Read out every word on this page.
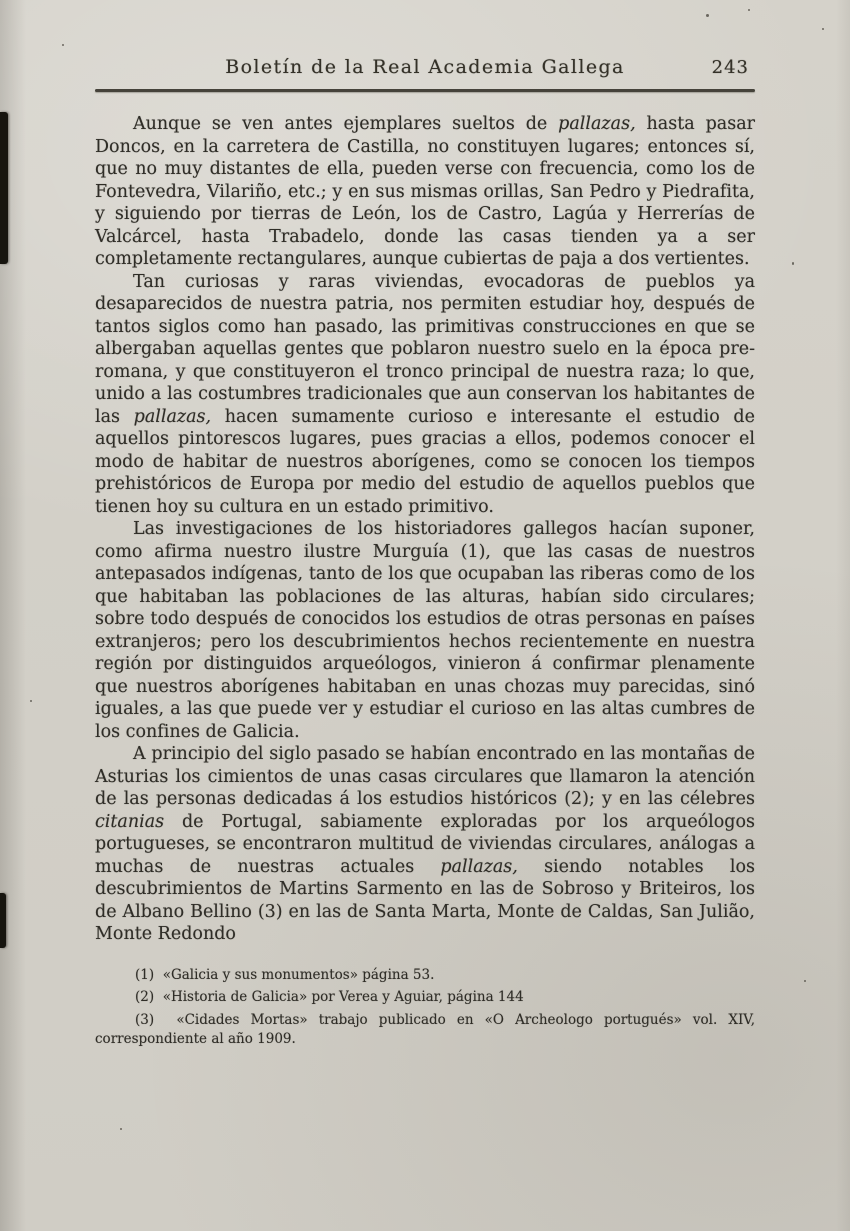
Boletín de la Real Academia Gallega	243

Aunque se ven antes ejemplares sueltos de pallazas, hasta pasar Doncos, en la carretera de Castilla, no constituyen lugares; entonces sí, que no muy distantes de ella, pueden verse con frecuencia, como los de Fontevedra, Vilariño, etc.; y en sus mismas orillas, San Pedro y Piedrafita, y siguiendo por tierras de León, los de Castro, Lagúa y Herrerías de Valcárcel, hasta Trabadelo, donde las casas tienden ya a ser completamente rectangulares, aunque cubiertas de paja a dos vertientes.

Tan curiosas y raras viviendas, evocadoras de pueblos ya desaparecidos de nuestra patria, nos permiten estudiar hoy, después de tantos siglos como han pasado, las primitivas construcciones en que se albergaban aquellas gentes que poblaron nuestro suelo en la época pre-romana, y que constituyeron el tronco principal de nuestra raza; lo que, unido a las costumbres tradicionales que aun conservan los habitantes de las pallazas, hacen sumamente curioso e interesante el estudio de aquellos pintorescos lugares, pues gracias a ellos, podemos conocer el modo de habitar de nuestros aborígenes, como se conocen los tiempos prehistóricos de Europa por medio del estudio de aquellos pueblos que tienen hoy su cultura en un estado primitivo.

Las investigaciones de los historiadores gallegos hacían suponer, como afirma nuestro ilustre Murguía (1), que las casas de nuestros antepasados indígenas, tanto de los que ocupaban las riberas como de los que habitaban las poblaciones de las alturas, habían sido circulares; sobre todo después de conocidos los estudios de otras personas en países extranjeros; pero los descubrimientos hechos recientemente en nuestra región por distinguidos arqueólogos, vinieron á confirmar plenamente que nuestros aborígenes habitaban en unas chozas muy parecidas, sinó iguales, a las que puede ver y estudiar el curioso en las altas cumbres de los confines de Galicia.

A principio del siglo pasado se habían encontrado en las montañas de Asturias los cimientos de unas casas circulares que llamaron la atención de las personas dedicadas á los estudios históricos (2); y en las célebres citanias de Portugal, sabiamente exploradas por los arqueólogos portugueses, se encontraron multitud de viviendas circulares, análogas a muchas de nuestras actuales pallazas, siendo notables los descubrimientos de Martins Sarmento en las de Sobroso y Briteiros, los de Albano Bellino (3) en las de Santa Marta, Monte de Caldas, San Julião, Monte Redondo

(1)  «Galicia y sus monumentos» página 53.

(2)  «Historia de Galicia» por Verea y Aguiar, página 144

(3)  «Cidades Mortas» trabajo publicado en «O Archeologo portugués» vol. XIV, correspondiente al año 1909.
